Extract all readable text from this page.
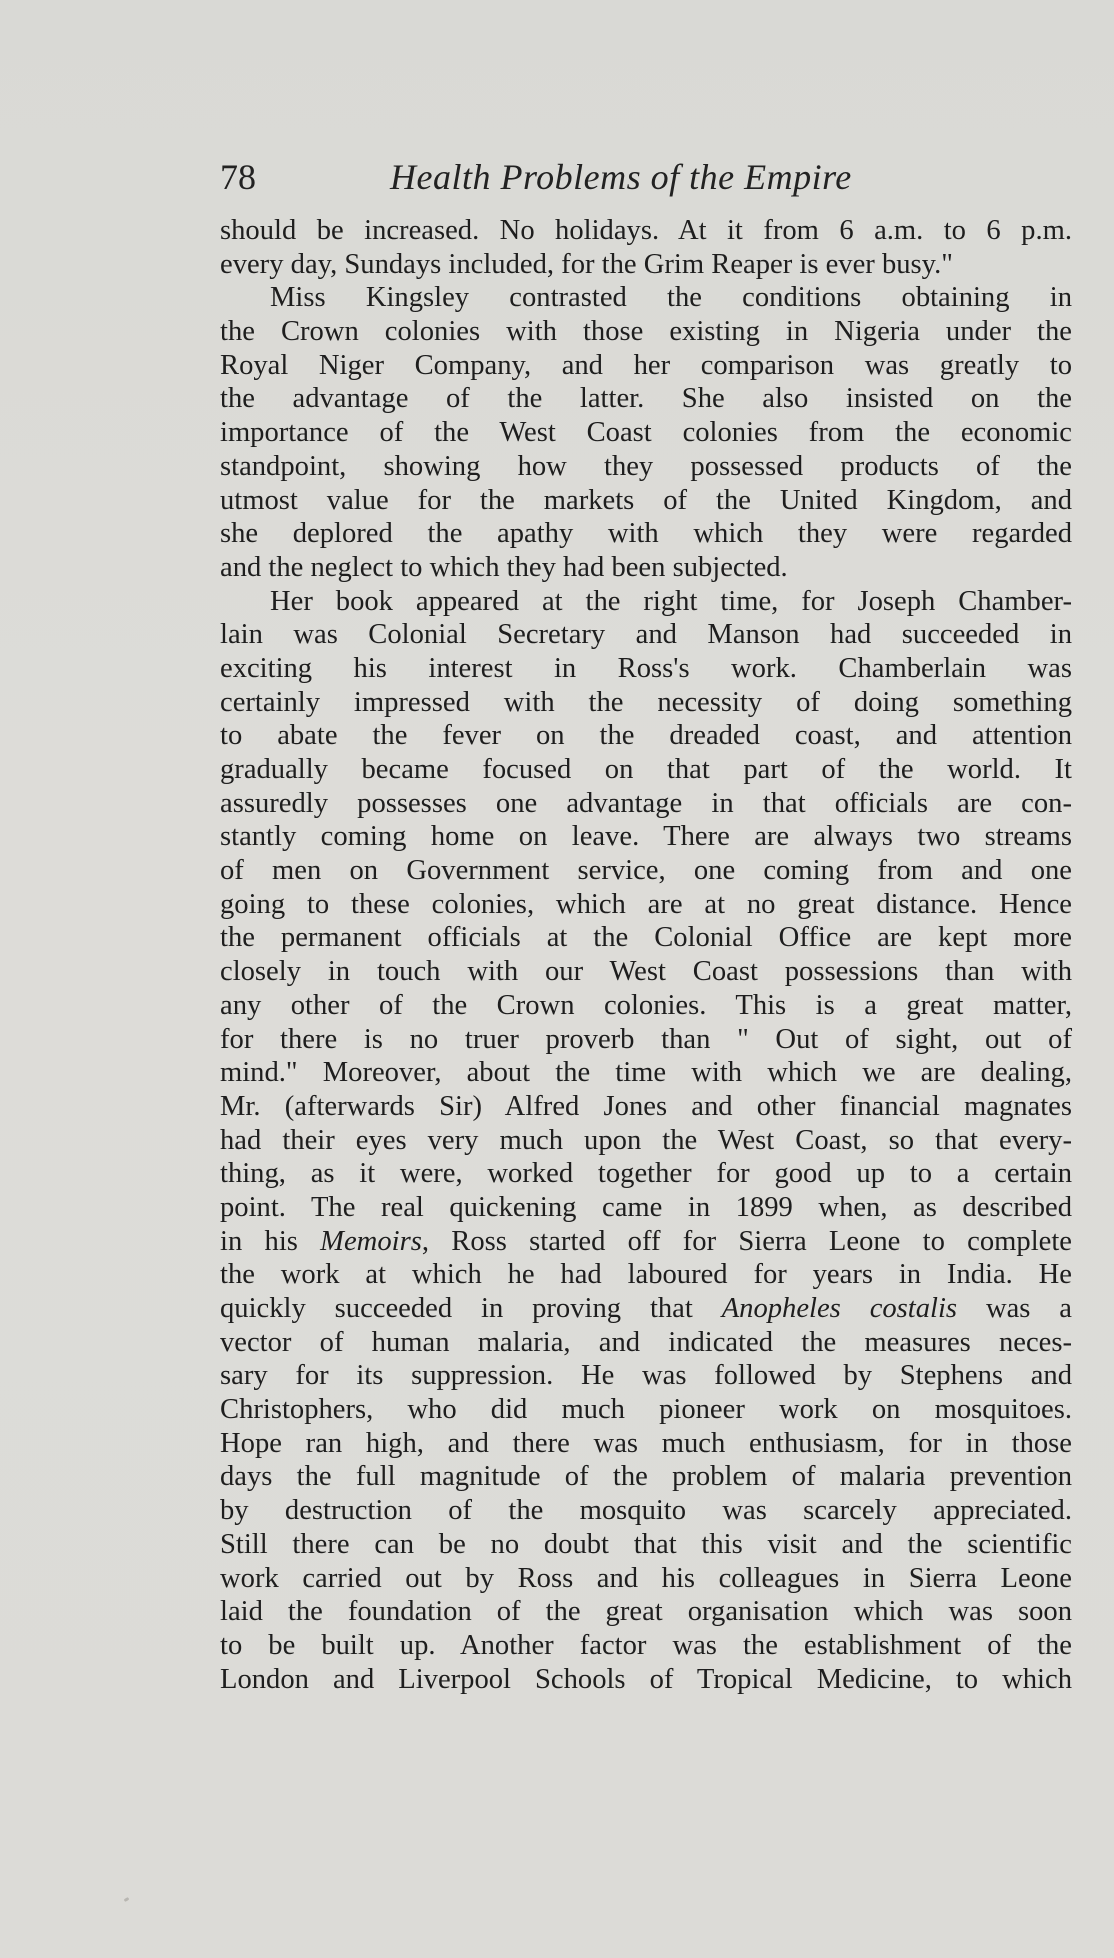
78	Health Problems of the Empire
should be increased. No holidays. At it from 6 a.m. to 6 p.m.
every day, Sundays included, for the Grim Reaper is ever busy."
Miss Kingsley contrasted the conditions obtaining in
the Crown colonies with those existing in Nigeria under the
Royal Niger Company, and her comparison was greatly to
the advantage of the latter. She also insisted on the
importance of the West Coast colonies from the economic
standpoint, showing how they possessed products of the
utmost value for the markets of the United Kingdom, and
she deplored the apathy with which they were regarded
and the neglect to which they had been subjected.
Her book appeared at the right time, for Joseph Chamber-
lain was Colonial Secretary and Manson had succeeded in
exciting his interest in Ross's work. Chamberlain was
certainly impressed with the necessity of doing something
to abate the fever on the dreaded coast, and attention
gradually became focused on that part of the world. It
assuredly possesses one advantage in that officials are con-
stantly coming home on leave. There are always two streams
of men on Government service, one coming from and one
going to these colonies, which are at no great distance. Hence
the permanent officials at the Colonial Office are kept more
closely in touch with our West Coast possessions than with
any other of the Crown colonies. This is a great matter,
for there is no truer proverb than " Out of sight, out of
mind." Moreover, about the time with which we are dealing,
Mr. (afterwards Sir) Alfred Jones and other financial magnates
had their eyes very much upon the West Coast, so that every-
thing, as it were, worked together for good up to a certain
point. The real quickening came in 1899 when, as described
in his Memoirs, Ross started off for Sierra Leone to complete
the work at which he had laboured for years in India. He
quickly succeeded in proving that Anopheles costalis was a
vector of human malaria, and indicated the measures neces-
sary for its suppression. He was followed by Stephens and
Christophers, who did much pioneer work on mosquitoes.
Hope ran high, and there was much enthusiasm, for in those
days the full magnitude of the problem of malaria prevention
by destruction of the mosquito was scarcely appreciated.
Still there can be no doubt that this visit and the scientific
work carried out by Ross and his colleagues in Sierra Leone
laid the foundation of the great organisation which was soon
to be built up. Another factor was the establishment of the
London and Liverpool Schools of Tropical Medicine, to which
